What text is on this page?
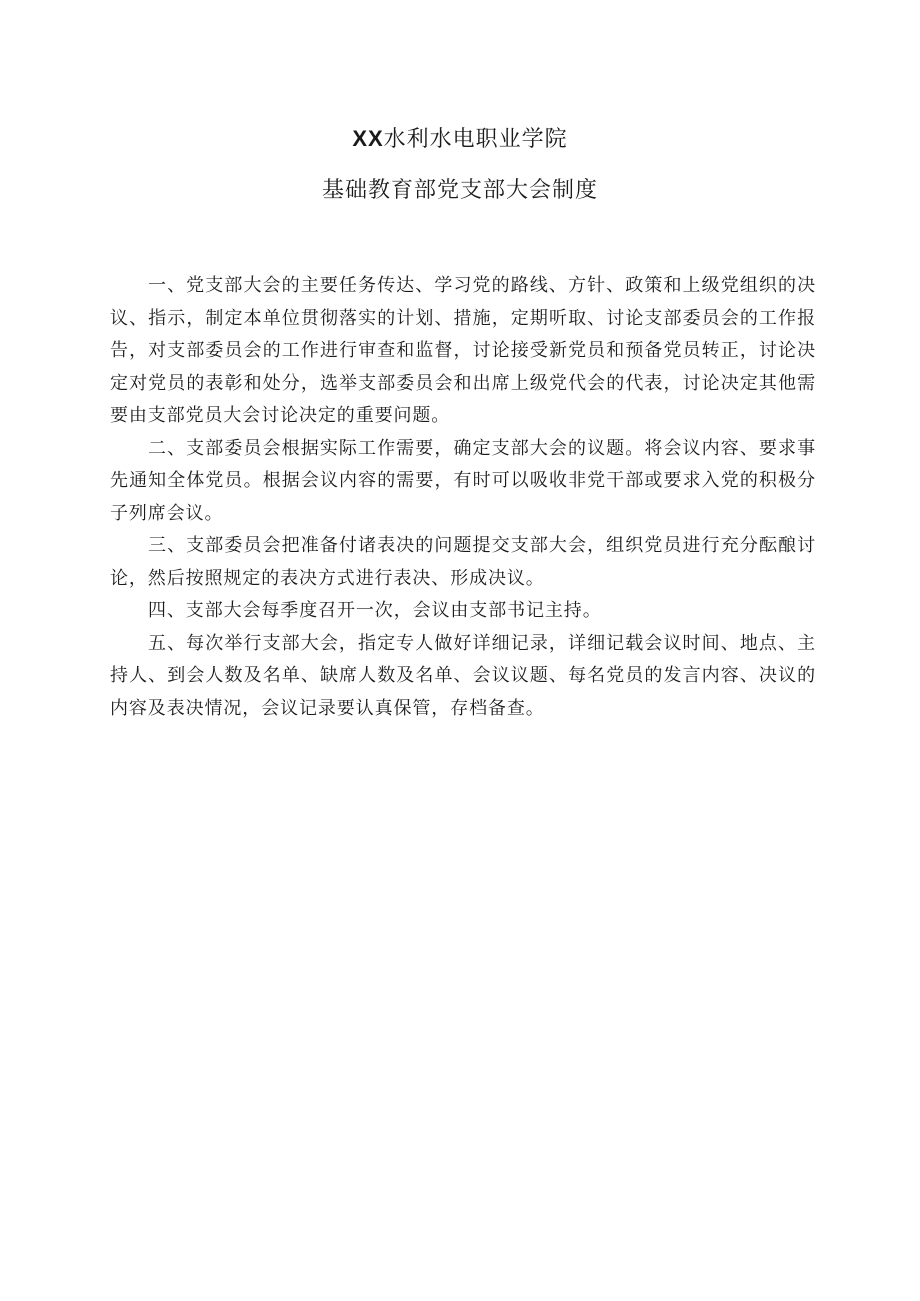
XX水利水电职业学院
基础教育部党支部大会制度

一、党支部大会的主要任务传达、学习党的路线、方针、政策和上级党组织的决议、指示，制定本单位贯彻落实的计划、措施，定期听取、讨论支部委员会的工作报告，对支部委员会的工作进行审查和监督，讨论接受新党员和预备党员转正，讨论决定对党员的表彰和处分，选举支部委员会和出席上级党代会的代表，讨论决定其他需要由支部党员大会讨论决定的重要问题。

二、支部委员会根据实际工作需要，确定支部大会的议题。将会议内容、要求事先通知全体党员。根据会议内容的需要，有时可以吸收非党干部或要求入党的积极分子列席会议。

三、支部委员会把准备付诸表决的问题提交支部大会，组织党员进行充分酝酿讨论，然后按照规定的表决方式进行表决、形成决议。

四、支部大会每季度召开一次，会议由支部书记主持。

五、每次举行支部大会，指定专人做好详细记录，详细记载会议时间、地点、主持人、到会人数及名单、缺席人数及名单、会议议题、每名党员的发言内容、决议的内容及表决情况，会议记录要认真保管，存档备查。
